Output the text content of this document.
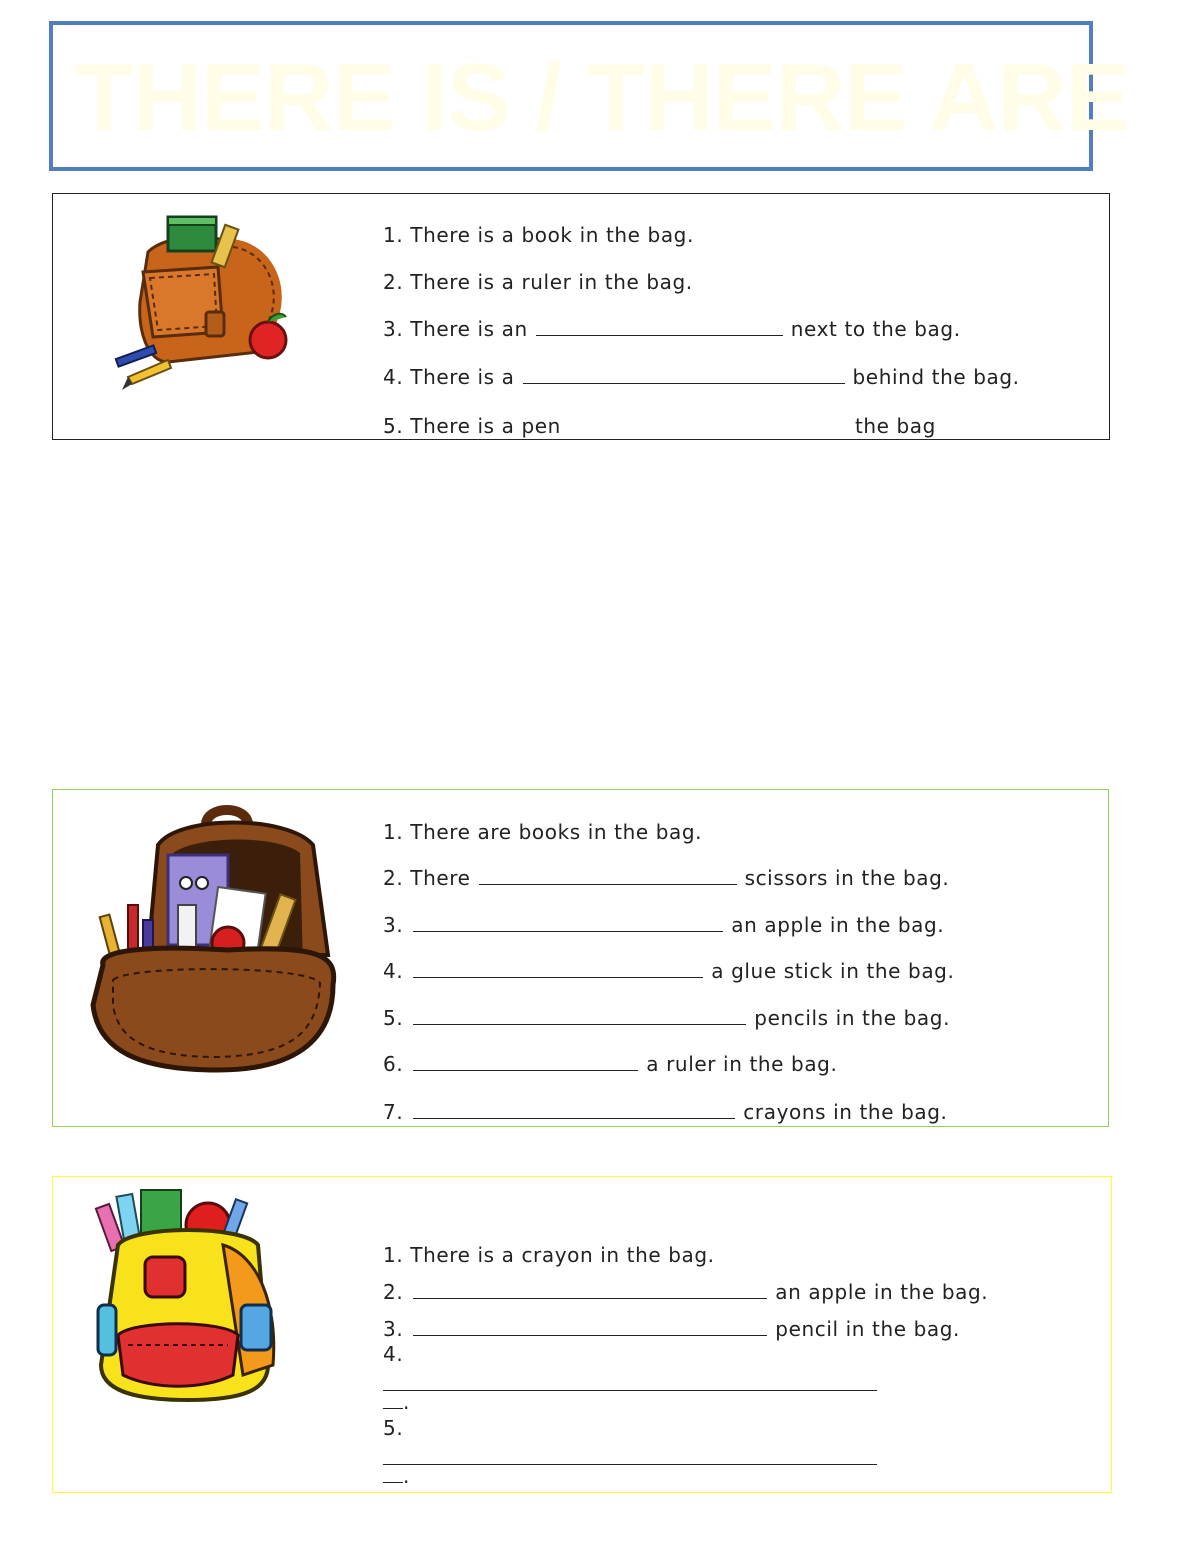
THERE IS / THERE ARE
1. There is a book in the bag.
2. There is a ruler in the bag.
3. There is an	next to the bag.
4. There is a	behind the bag.
5. There is a pen	the bag
1. There are books in the bag.
2. There	scissors in the bag.
3.	an apple in the bag.
4.	a glue stick in the bag.
5.	pencils in the bag.
6.	a ruler in the bag.
7.	crayons in the bag.
1. There is a crayon in the bag.
2.	an apple in the bag.
3.	pencil in the bag.
4.
.
5.
.
